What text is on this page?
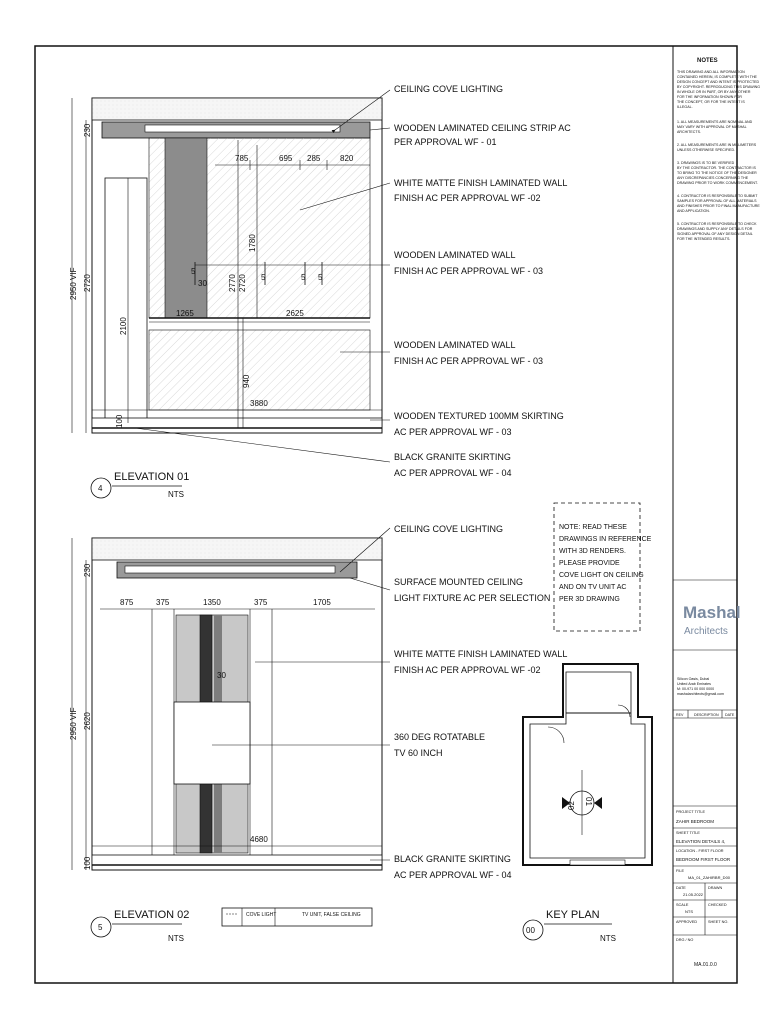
2950 VIF 2720
230
2100
1780
940
2770 2720
100
785	695 285 820
1265	2625
3880
5
5	5 5
30
CEILING COVE LIGHTING
WOODEN LAMINATED CEILING STRIP AC
PER APPROVAL WF - 01
WHITE MATTE FINISH LAMINATED WALL
FINISH AC PER APPROVAL WF -02
WOODEN LAMINATED WALL
FINISH AC PER APPROVAL WF - 03
WOODEN LAMINATED WALL
FINISH AC PER APPROVAL WF - 03
WOODEN TEXTURED 100MM SKIRTING
AC PER APPROVAL WF - 03
BLACK GRANITE SKIRTING
AC PER APPROVAL WF - 04
4
ELEVATION 01
NTS
2950 VIF 2620
230
100
875	375	1350	375	1705
4680
30
CEILING COVE LIGHTING
SURFACE MOUNTED CEILING
LIGHT FIXTURE AC PER SELECTION
WHITE MATTE FINISH LAMINATED WALL
FINISH AC PER APPROVAL WF -02
360 DEG ROTATABLE
TV 60 INCH
BLACK GRANITE SKIRTING
AC PER APPROVAL WF - 04
5
ELEVATION 02
NTS
COVE LIGHT	TV UNIT, FALSE CEILING
NOTE: READ THESE
DRAWINGS IN REFERENCE
WITH 3D RENDERS.
PLEASE PROVIDE
COVE LIGHT ON CEILING
AND ON TV UNIT AC
PER 3D DRAWING
01
02
00
KEY PLAN
NTS
NOTES
THIS DRAWING AND ALL INFORMATION
CONTAINED HEREIN, IS COMPLETE WITH THE
DESIGN CONCEPT AND INTENT IS PROTECTED
BY COPYRIGHT. REPRODUCING THIS DRAWING
IN WHOLE OR IN PART, OR BY ANY OTHER
FOR THE INFORMATION SHOWN FOR
THE CONCEPT, OR FOR THE INTENT IS
ILLEGAL.
1. ALL MEASUREMENTS ARE NOMINAL AND
MAY VARY WITH APPROVAL OF MASHAL
ARCHITECTS.
2. ALL MEASUREMENTS ARE IN MILLIMETERS
UNLESS OTHERWISE SPECIFIED.
3. DRAWINGS IS TO BE VERIFIED
BY THE CONTRACTOR. THE CONTRACTOR IS
TO BRING TO THE NOTICE OF THE DESIGNER
ANY DISCREPANCIES CONCERNING THE
DRAWING PRIOR TO WORK COMMENCEMENT.
4. CONTRACTOR IS RESPONSIBLE TO SUBMIT
SAMPLES FOR APPROVAL OF ALL MATERIALS
AND FINISHES PRIOR TO FINAL MANUFACTURE
AND APPLICATION.
5. CONTRACTOR IS RESPONSIBLE TO CHECK
DRAWINGS AND SUPPLY ANY DETAILS FOR
SIGNED APPROVAL OF ANY DESIGN DETAIL
FOR THE INTENDED RESULTS.
Mashal
Architects
Silicon Oasis, Dubai
United Arab Emirates
M: 00-971 00 000 0000
mashalarchitects@gmail.com
REV	DESCRIPTION DATE
PROJECT TITLE
ZAHIR BEDROOM
SHEET TITLE
ELEVATION DETAILS 4,
LOCATION - FIRST FLOOR
BEDROOM FIRST FLOOR
FILE
MA_01_ZAHIRBR_D00
DATE
21.05.2022
DRAWN
SCALE
NTS
CHECKED
APPROVED	SHEET NO.
DRG / NO
MA.01.0.0
